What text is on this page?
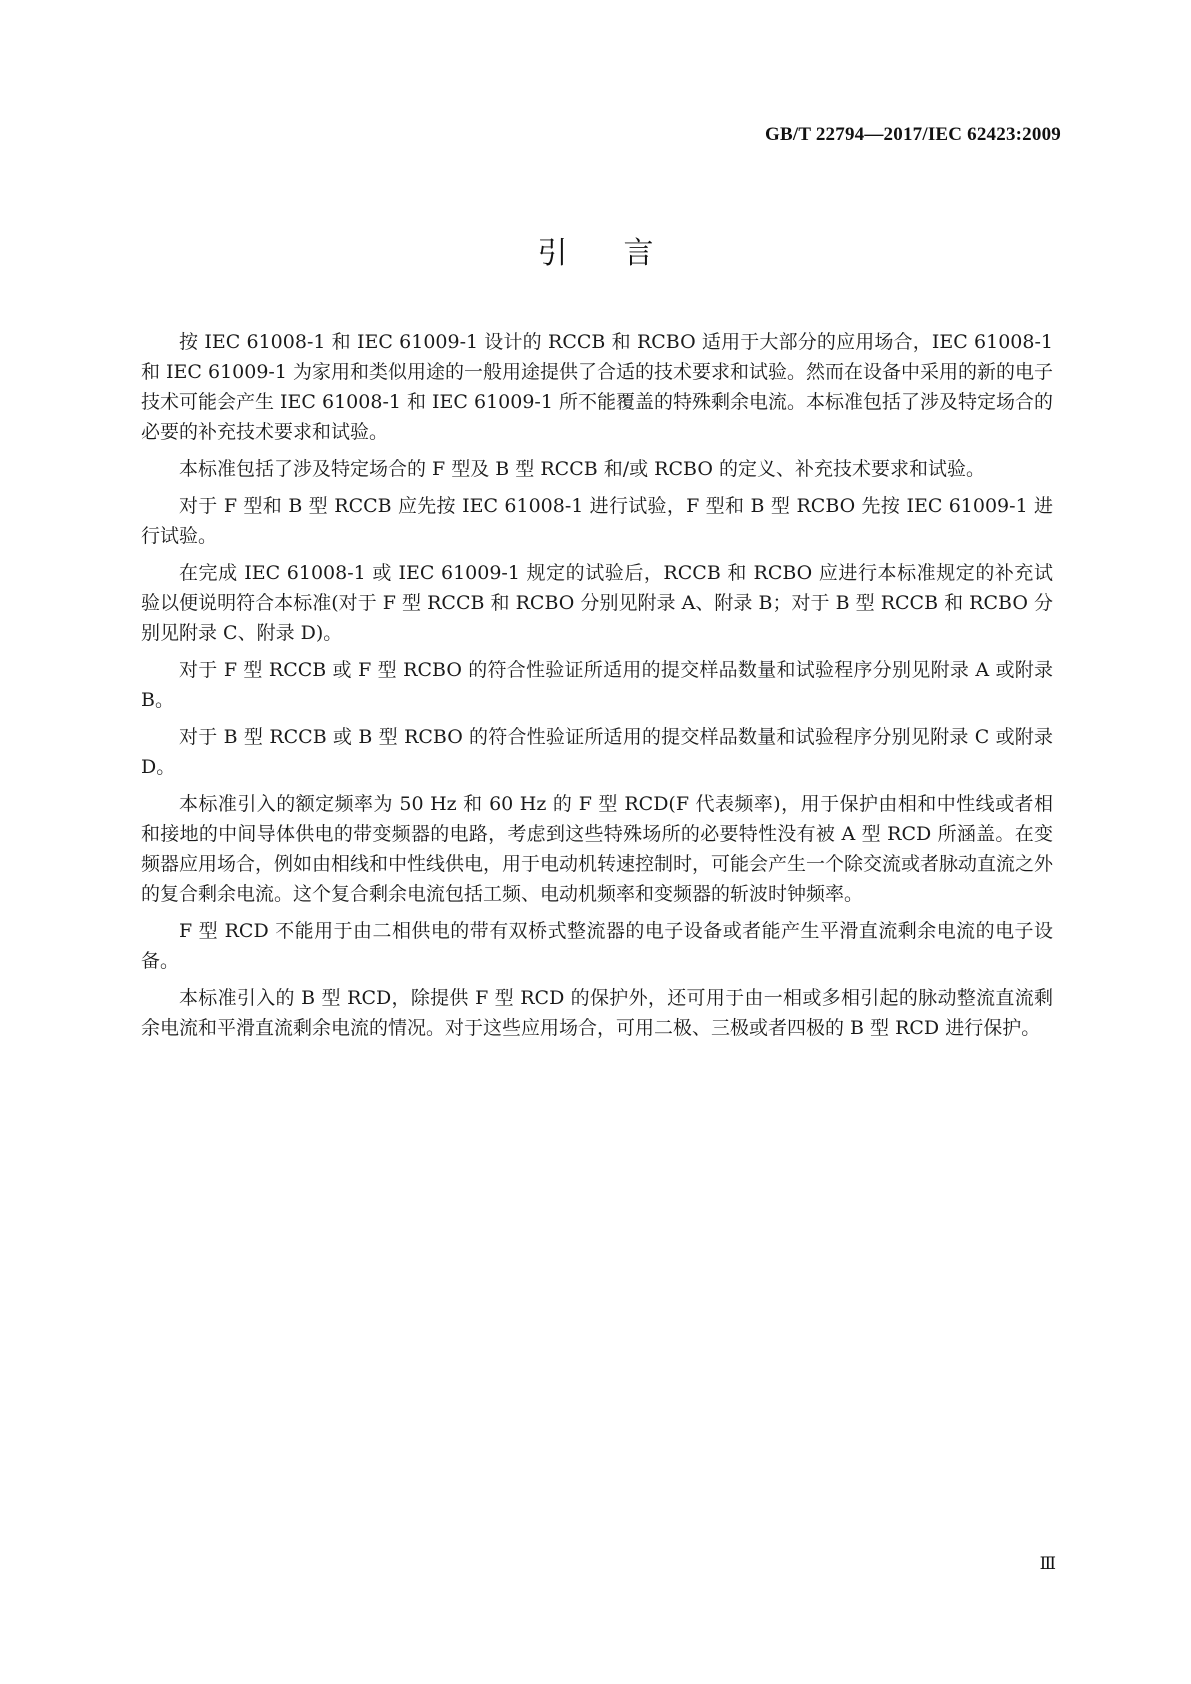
GB/T 22794—2017/IEC 62423:2009
引言

按 IEC 61008-1 和 IEC 61009-1 设计的 RCCB 和 RCBO 适用于大部分的应用场合，IEC 61008-1 和 IEC 61009-1 为家用和类似用途的一般用途提供了合适的技术要求和试验。然而在设备中采用的新的电子技术可能会产生 IEC 61008-1 和 IEC 61009-1 所不能覆盖的特殊剩余电流。本标准包括了涉及特定场合的必要的补充技术要求和试验。

本标准包括了涉及特定场合的 F 型及 B 型 RCCB 和/或 RCBO 的定义、补充技术要求和试验。

对于 F 型和 B 型 RCCB 应先按 IEC 61008-1 进行试验，F 型和 B 型 RCBO 先按 IEC 61009-1 进行试验。

在完成 IEC 61008-1 或 IEC 61009-1 规定的试验后，RCCB 和 RCBO 应进行本标准规定的补充试验以便说明符合本标准(对于 F 型 RCCB 和 RCBO 分别见附录 A、附录 B；对于 B 型 RCCB 和 RCBO 分别见附录 C、附录 D)。

对于 F 型 RCCB 或 F 型 RCBO 的符合性验证所适用的提交样品数量和试验程序分别见附录 A 或附录 B。

对于 B 型 RCCB 或 B 型 RCBO 的符合性验证所适用的提交样品数量和试验程序分别见附录 C 或附录 D。

本标准引入的额定频率为 50 Hz 和 60 Hz 的 F 型 RCD(F 代表频率)，用于保护由相和中性线或者相和接地的中间导体供电的带变频器的电路，考虑到这些特殊场所的必要特性没有被 A 型 RCD 所涵盖。在变频器应用场合，例如由相线和中性线供电，用于电动机转速控制时，可能会产生一个除交流或者脉动直流之外的复合剩余电流。这个复合剩余电流包括工频、电动机频率和变频器的斩波时钟频率。

F 型 RCD 不能用于由二相供电的带有双桥式整流器的电子设备或者能产生平滑直流剩余电流的电子设备。

本标准引入的 B 型 RCD，除提供 F 型 RCD 的保护外，还可用于由一相或多相引起的脉动整流直流剩余电流和平滑直流剩余电流的情况。对于这些应用场合，可用二极、三极或者四极的 B 型 RCD 进行保护。

Ⅲ
